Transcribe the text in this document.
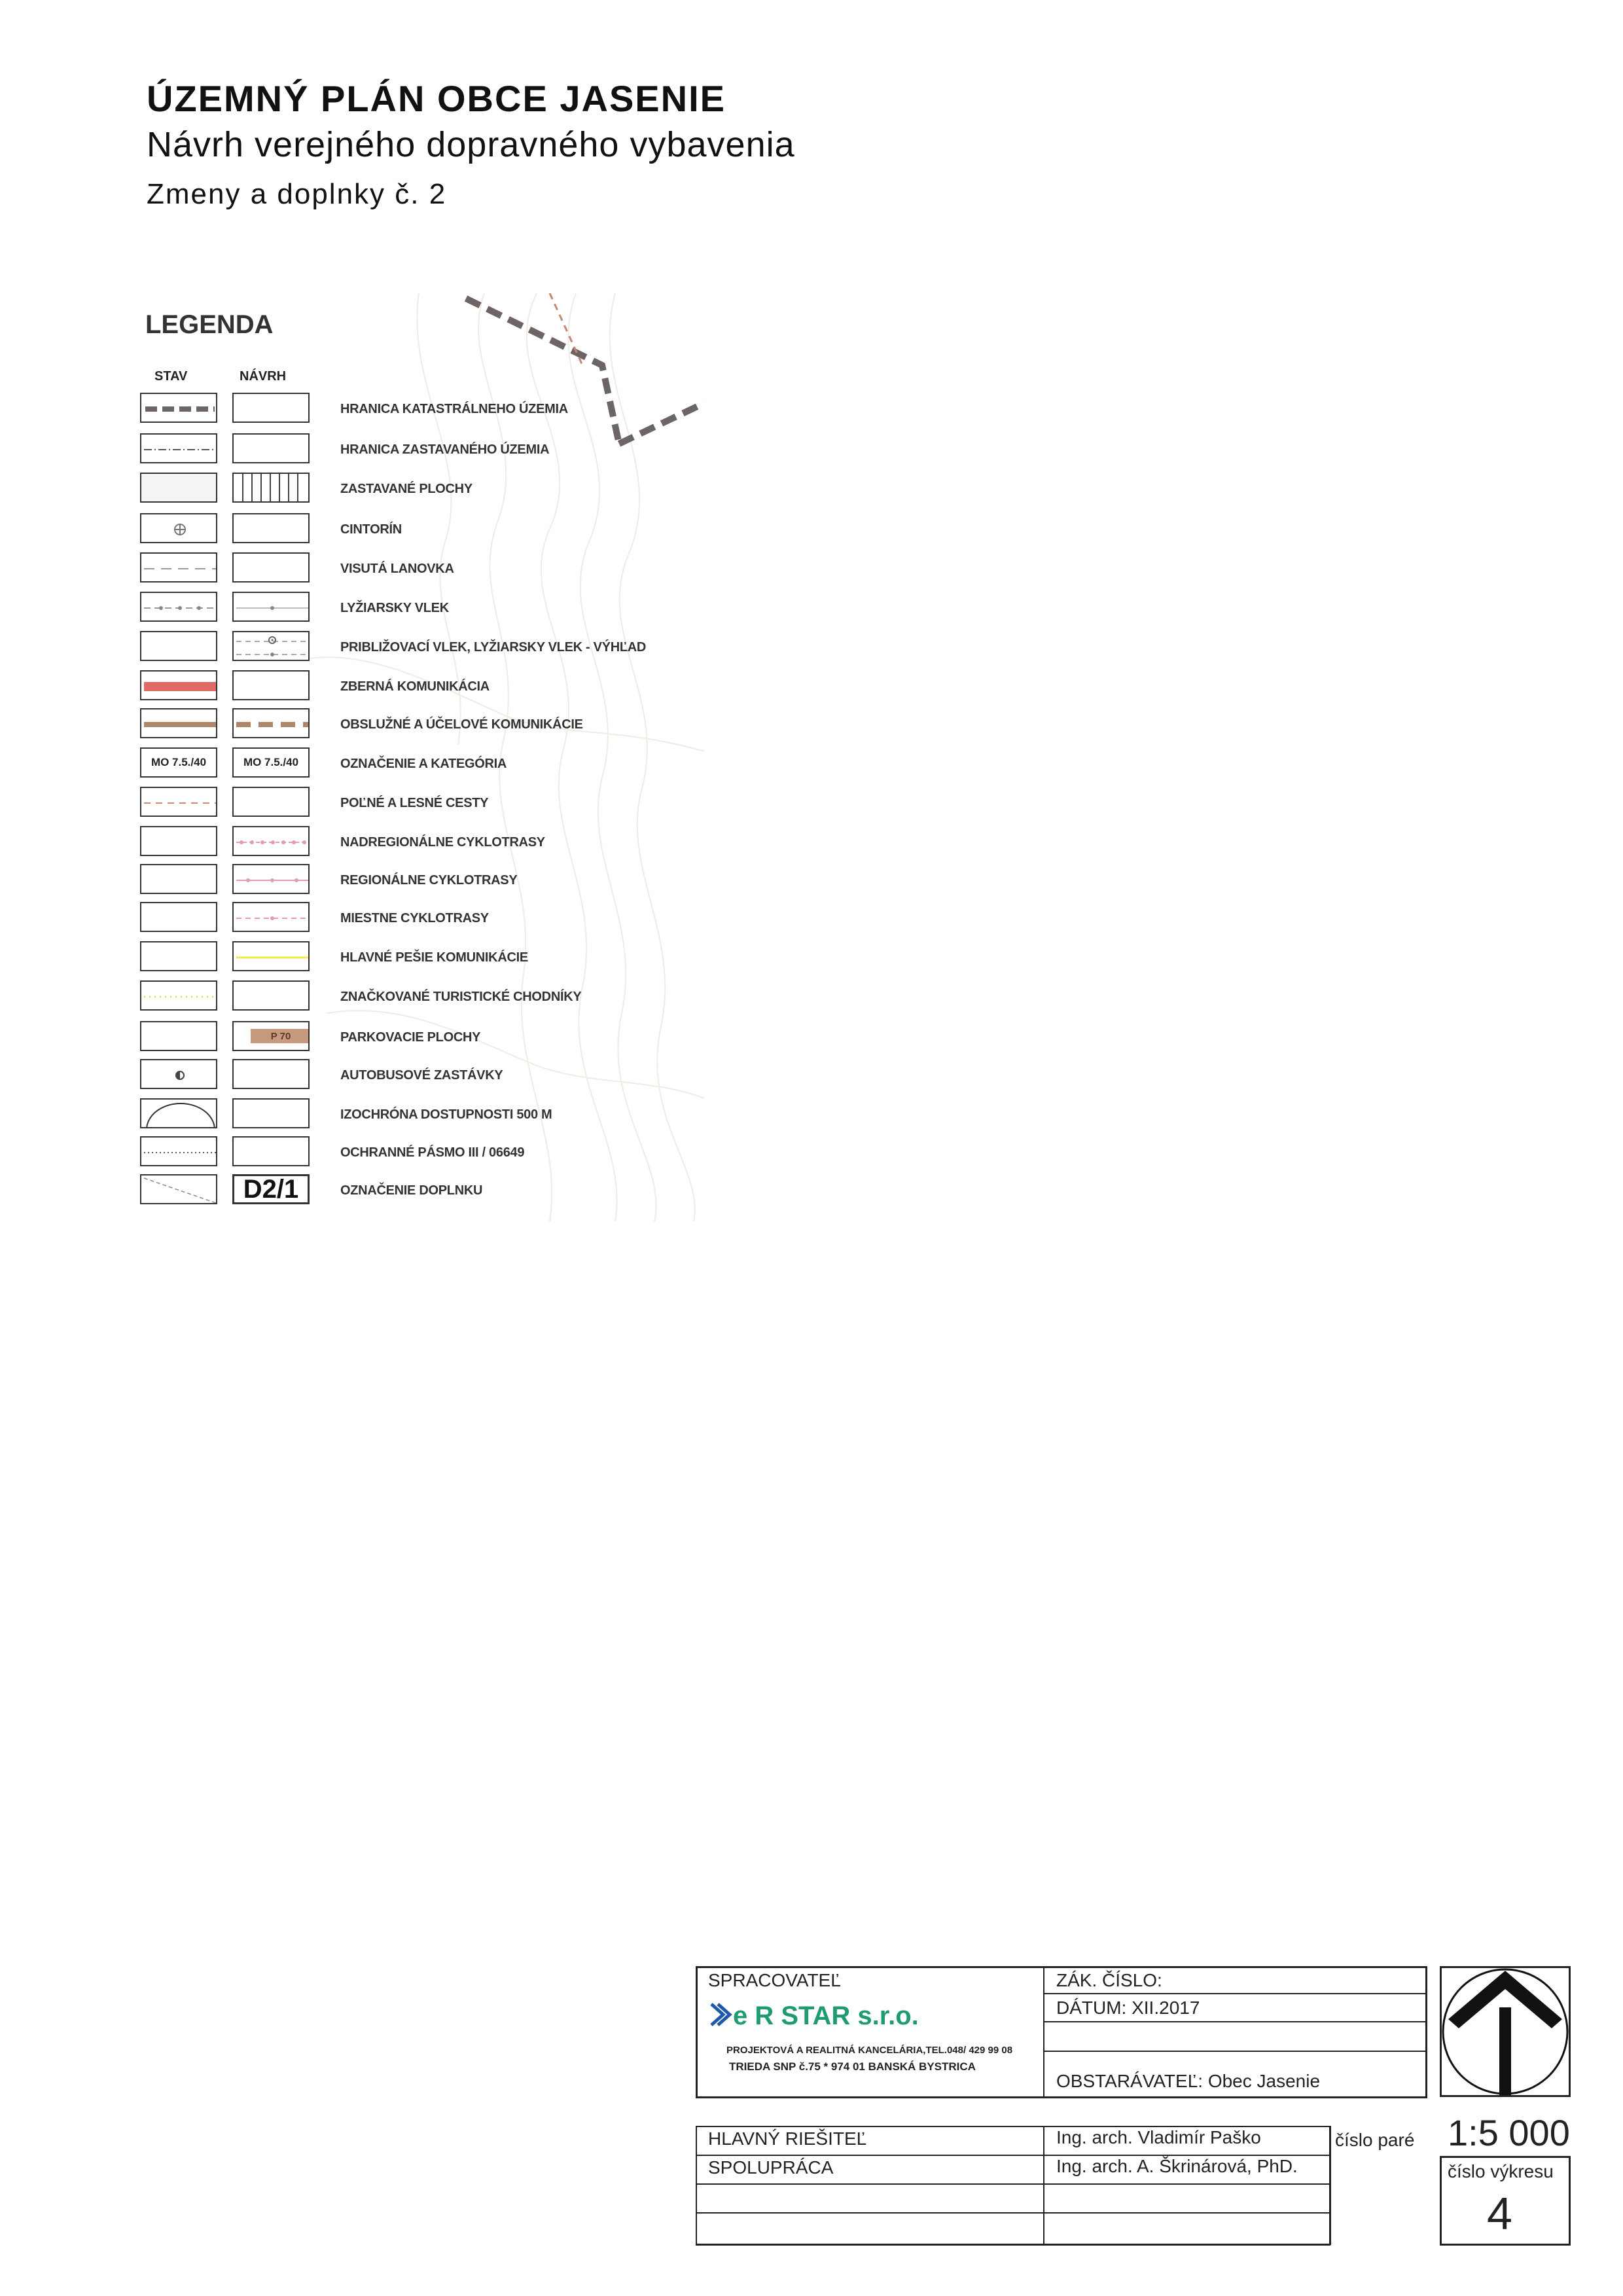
ÚZEMNÝ PLÁN OBCE JASENIE
Návrh verejného dopravného vybavenia
Zmeny a doplnky č. 2
LEGENDA
STAV	NÁVRH
HRANICA KATASTRÁLNEHO ÚZEMIA
HRANICA ZASTAVANÉHO ÚZEMIA
ZASTAVANÉ PLOCHY
CINTORÍN
VISUTÁ LANOVKA
LYŽIARSKY VLEK
PRIBLIŽOVACÍ VLEK, LYŽIARSKY VLEK - VÝHĽAD
ZBERNÁ KOMUNIKÁCIA
OBSLUŽNÉ A ÚČELOVÉ KOMUNIKÁCIE
MO 7.5./40	MO 7.5./40	OZNAČENIE A KATEGÓRIA
POĽNÉ A LESNÉ CESTY
NADREGIONÁLNE CYKLOTRASY
REGIONÁLNE CYKLOTRASY
MIESTNE CYKLOTRASY
HLAVNÉ PEŠIE KOMUNIKÁCIE
ZNAČKOVANÉ TURISTICKÉ CHODNÍKY
P 70	PARKOVACIE PLOCHY
AUTOBUSOVÉ ZASTÁVKY
IZOCHRÓNA DOSTUPNOSTI 500 M
OCHRANNÉ PÁSMO III / 06649
D2/1	OZNAČENIE DOPLNKU
SPRACOVATEĽ
e R STAR s.r.o.
PROJEKTOVÁ A REALITNÁ KANCELÁRIA,TEL.048/ 429 99 08
TRIEDA SNP č.75 * 974 01 BANSKÁ BYSTRICA
ZÁK. ČÍSLO:
DÁTUM: XII.2017
OBSTARÁVATEĽ: Obec Jasenie
HLAVNÝ RIEŠITEĽ	Ing. arch. Vladimír Paško
SPOLUPRÁCA	Ing. arch. A. Škrinárová, PhD.
číslo paré 1:5 000
číslo výkresu
4
